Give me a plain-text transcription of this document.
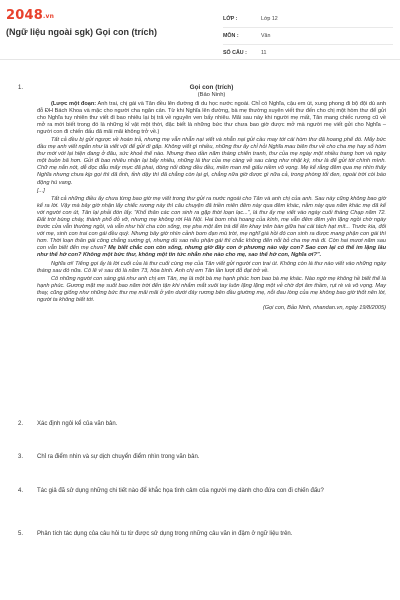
2048.vn
(Ngữ liệu ngoài sgk) Gọi con (trích)
LỚP :	Lớp 12
MÔN :	Văn
SỐ CÂU :	11
1.	Gọi con (trích)
(Bảo Ninh)
(Lược một đoạn: Anh trai, chị gái và Tân đều lên đường đi du học nước ngoài. Chỉ có Nghĩa, cậu em út, xung phong đi bộ đội dù anh đỗ ĐH Bách Khoa và mặc cho người cha ngăn cản. Từ khi Nghĩa lên đường, bà mẹ thường xuyên viết thư đến cho chị một hòm thư để gửi cho Nghĩa tuy nhiên thư viết đi bao nhiêu lại bị trả về nguyên ven bấy nhiêu. Mãi sau này khi người mẹ mất, Tân mang chiếc rương cũ về mở ra mới biết trong đó là những kỉ vật một thời, đặc biết là những bức thư chưa bao giờ được mở mà người mẹ viết gửi cho Nghĩa – người con đi chiến đấu đã mãi mãi không trở về.)
Tất cả đều bị gửi ngược về hoàn trả, nhưng mẹ vẫn nhẫn nại viết và nhẫn nại gửi cầu may tới cái hòm thư đã hoang phế đó. Mấy bức đầu mẹ anh viết ngắn như là viết vội để gửi đi gấp. Không viết gì nhiều, những thư ấy chỉ hỏi Nghĩa mau biên thư về cho cha mẹ hay số hòm thư mới với lại hiện đang ở đâu, sức khoẻ thế nào. Nhưng theo dần năm tháng chiến tranh, thư của mẹ ngày một nhiều trang hơn và ngày một buồn bã hơn. Gửi đi bao nhiêu nhận lại bấy nhiêu, những lá thư của mẹ càng về sau càng như nhật ký, như là để gửi tới chính mình. Chữ mẹ nắn nót, dễ đọc dẫu mấy mực đã phai, dòng nối dòng đều đều, miên man mê giấu niềm vô vọng. Mẹ kể rằng đêm qua mẹ nhìn thấy Nghĩa nhưng chưa kịp gọi thì đã tỉnh, tỉnh dậy thì đã chẳng còn lại gì, chẳng nữa giờ được gì nữa cả, trong phòng tối đen, ngoài trời còi báo động hú vang.
[...]
Tất cả những điều ấy chưa từng bao giờ mẹ viết trong thư gửi ra nước ngoài cho Tân và anh chị của anh. Sau này cũng không bao giờ kể ra lời. Vậy mà bây giờ nhận lấy chiếc rương này thì câu chuyện đã triền miên đêm này qua đêm khác, nằm này qua năm khác mẹ đã kể với người con út, Tân lại phải đón lấy. “Khổ thân các con sinh ra gặp thời loạn lạc...”, lá thư ấy mẹ viết vào ngày cuối tháng Chạp năm 72. Đất trời bùng cháy, thành phố đỏ vỡ, nhưng mẹ không rời Hà Nội. Hai bom nhà hoang của kính, mẹ vẫn đêm đêm yên lặng ngồi chờ ngày trước cửa vẫn thường ngồi, và vẫn như hồi cha còn sống, mẹ pha một ấm trà để lên khay trên bàn giữa hai cái tách hạt mít... Trước kia, đối với mẹ, sinh con trai con gái đều quý. Nhưng bây giờ nhìn cảnh bom đạn mù trời, mẹ nghĩ giá hồi đó con sinh ra được mang phận con gái thì hơn. Thời loạn thân gái công chẳng sướng gì, nhưng dù sao nếu phận gái thì chắc không đến nỗi bỏ cha mẹ mà đi. Còn hai mươi năm sau con vẫn biết đến mẹ chưa? Mẹ biết chắc con còn sống, nhưng giờ đây con ở phương nào vậy con? Sao con lại có thể im lặng lâu như thế hở con? Không một bức thư, không một tin tức nhắn nhe nào cho mẹ, sao thế hở con, Nghĩa ơi?”.
Nghĩa ơi! Tiếng gọi ấy là lời cuối của lá thư cuối cùng mẹ của Tân viết gửi người con trai út. Không còn lá thư nào viết vào những ngày tháng sau đó nữa. Cô lẽ vì sau đó là năm 73, hòa bình. Anh chị em Tân lần lượt đỗ đạt trở về.
Cô những người con sáng giá như anh chị em Tân, mẹ là một bà mẹ hạnh phúc hơn bao bà mẹ khác. Nào ngờ mẹ không hề biết thế là hạnh phúc. Gương mặt mẹ suốt bao năm trời đến tận khi nhắm mắt xuôi tay luôn lặng lặng một vẻ chờ đợi âm thầm, rụt rè và vô vọng. May thay, cũng giống như những bức thư mẹ mãi mãi ở yên dưới đáy rương bên đầu giường mẹ, nỗi đau lòng của mẹ không bao giờ thốt nên lời, người ta không biết tới.
(Gọi con, Bảo Ninh, nhandan.vn, ngày 19/8/2005)
2. Xác định ngôi kể của văn bản.
3. Chỉ ra điểm nhìn và sự dịch chuyển điểm nhìn trong văn bản.
4. Tác giả đã sử dụng những chi tiết nào để khắc họa tình cảm của người mẹ dành cho đứa con đi chiến đấu?
5. Phân tích tác dụng của câu hỏi tu từ được sử dụng trong những câu văn in đậm ở ngữ liệu trên.
